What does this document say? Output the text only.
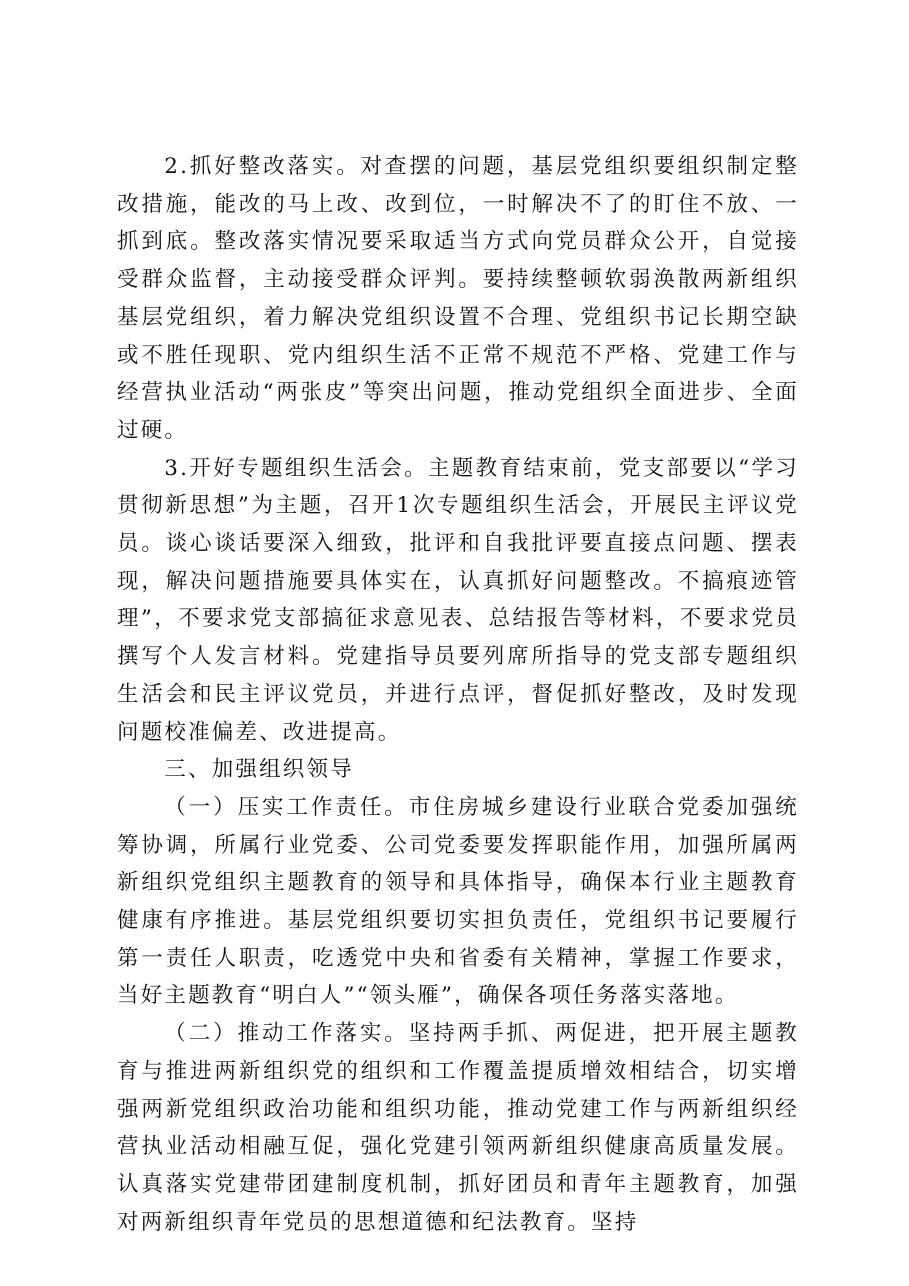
2.抓好整改落实。对查摆的问题，基层党组织要组织制定整改措施，能改的马上改、改到位，一时解决不了的盯住不放、一抓到底。整改落实情况要采取适当方式向党员群众公开，自觉接受群众监督，主动接受群众评判。要持续整顿软弱涣散两新组织基层党组织，着力解决党组织设置不合理、党组织书记长期空缺或不胜任现职、党内组织生活不正常不规范不严格、党建工作与经营执业活动“两张皮”等突出问题，推动党组织全面进步、全面过硬。

3.开好专题组织生活会。主题教育结束前，党支部要以“学习贯彻新思想”为主题，召开1次专题组织生活会，开展民主评议党员。谈心谈话要深入细致，批评和自我批评要直接点问题、摆表现，解决问题措施要具体实在，认真抓好问题整改。不搞痕迹管理”，不要求党支部搞征求意见表、总结报告等材料，不要求党员撰写个人发言材料。党建指导员要列席所指导的党支部专题组织生活会和民主评议党员，并进行点评，督促抓好整改，及时发现问题校准偏差、改进提高。

三、加强组织领导

（一）压实工作责任。市住房城乡建设行业联合党委加强统筹协调，所属行业党委、公司党委要发挥职能作用，加强所属两新组织党组织主题教育的领导和具体指导，确保本行业主题教育健康有序推进。基层党组织要切实担负责任，党组织书记要履行第一责任人职责，吃透党中央和省委有关精神，掌握工作要求，当好主题教育“明白人”“领头雁”，确保各项任务落实落地。

（二）推动工作落实。坚持两手抓、两促进，把开展主题教育与推进两新组织党的组织和工作覆盖提质增效相结合，切实增强两新党组织政治功能和组织功能，推动党建工作与两新组织经营执业活动相融互促，强化党建引领两新组织健康高质量发展。认真落实党建带团建制度机制，抓好团员和青年主题教育，加强对两新组织青年党员的思想道德和纪法教育。坚持
